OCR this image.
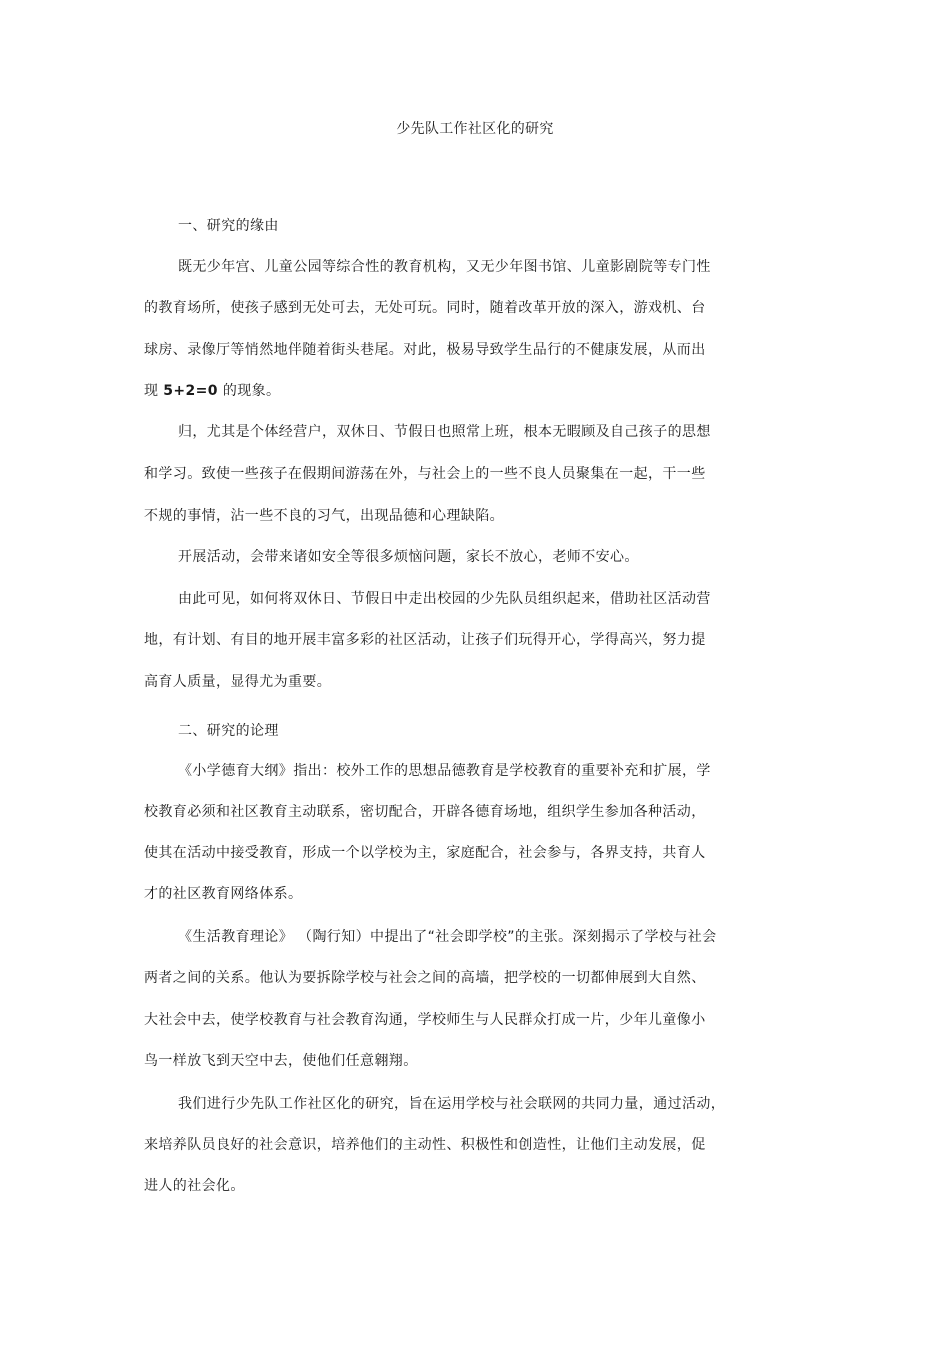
少先队工作社区化的研究
一、研究的缘由
既无少年宫、儿童公园等综合性的教育机构，又无少年图书馆、儿童影剧院等专门性
的教育场所，使孩子感到无处可去，无处可玩。同时，随着改革开放的深入，游戏机、台
球房、录像厅等悄然地伴随着街头巷尾。对此，极易导致学生品行的不健康发展，从而出
现 5+2=0 的现象。
归，尤其是个体经营户，双休日、节假日也照常上班，根本无暇顾及自己孩子的思想
和学习。致使一些孩子在假期间游荡在外，与社会上的一些不良人员聚集在一起，干一些
不规的事情，沾一些不良的习气，出现品德和心理缺陷。
开展活动，会带来诸如安全等很多烦恼问题，家长不放心，老师不安心。
由此可见，如何将双休日、节假日中走出校园的少先队员组织起来，借助社区活动营
地，有计划、有目的地开展丰富多彩的社区活动，让孩子们玩得开心，学得高兴，努力提
高育人质量，显得尤为重要。
二、研究的论理
《小学德育大纲》指出：校外工作的思想品德教育是学校教育的重要补充和扩展，学
校教育必须和社区教育主动联系，密切配合，开辟各德育场地，组织学生参加各种活动，
使其在活动中接受教育，形成一个以学校为主，家庭配合，社会参与，各界支持，共育人
才的社区教育网络体系。
《生活教育理论》 （陶行知）中提出了“社会即学校”的主张。深刻揭示了学校与社会
两者之间的关系。他认为要拆除学校与社会之间的高墙，把学校的一切都伸展到大自然、
大社会中去，使学校教育与社会教育沟通，学校师生与人民群众打成一片，少年儿童像小
鸟一样放飞到天空中去，使他们任意翱翔。
我们进行少先队工作社区化的研究，旨在运用学校与社会联网的共同力量，通过活动，
来培养队员良好的社会意识，培养他们的主动性、积极性和创造性，让他们主动发展，促
进人的社会化。
